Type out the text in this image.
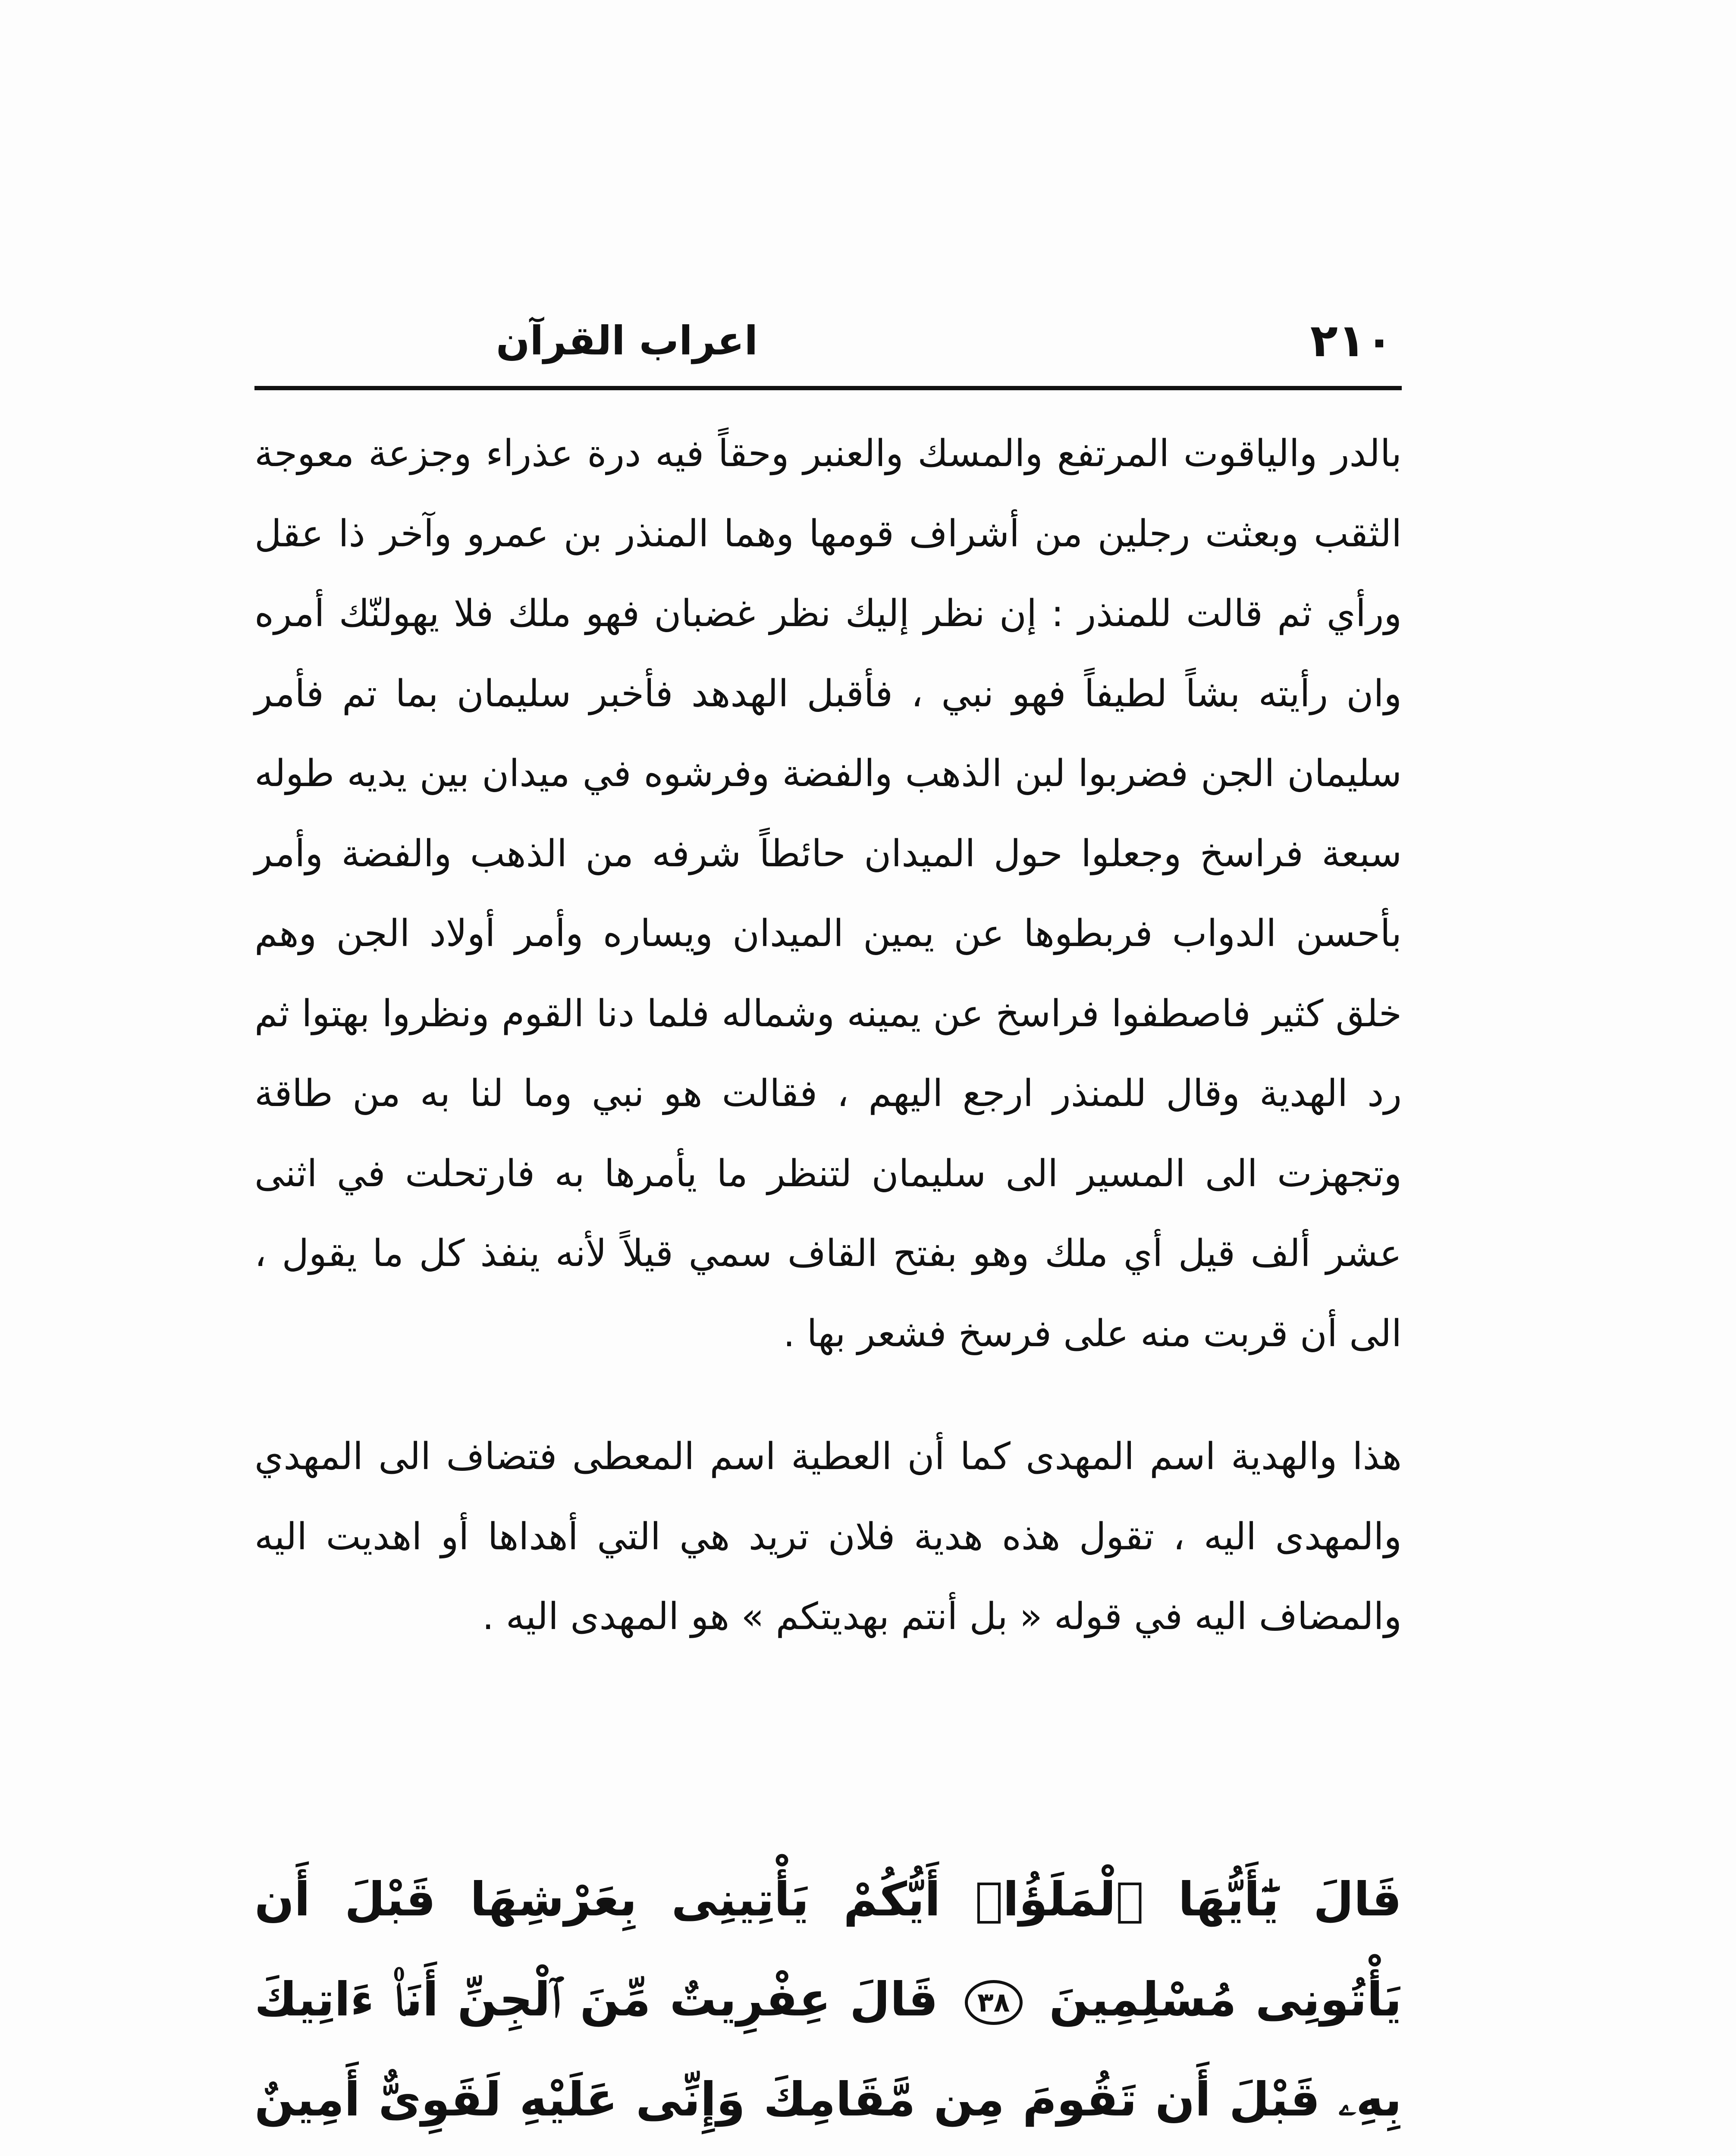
٢١٠
اعراب القرآن

بالدر والياقوت المرتفع والمسك والعنبر وحقاً فيه درة عذراء وجزعة معوجة الثقب وبعثت رجلين من أشراف قومها وهما المنذر بن عمرو وآخر ذا عقل ورأي ثم قالت للمنذر : إن نظر إليك نظر غضبان فهو ملك فلا يهولنّك أمره وان رأيته بشاً لطيفاً فهو نبي ، فأقبل الهدهد فأخبر سليمان بما تم فأمر سليمان الجن فضربوا لبن الذهب والفضة وفرشوه في ميدان بين يديه طوله سبعة فراسخ وجعلوا حول الميدان حائطاً شرفه من الذهب والفضة وأمر بأحسن الدواب فربطوها عن يمين الميدان ويساره وأمر أولاد الجن وهم خلق كثير فاصطفوا فراسخ عن يمينه وشماله فلما دنا القوم ونظروا بهتوا ثم رد الهدية وقال للمنذر ارجع اليهم ، فقالت هو نبي وما لنا به من طاقة وتجهزت الى المسير الى سليمان لتنظر ما يأمرها به فارتحلت في اثنى عشر ألف قيل أي ملك وهو بفتح القاف سمي قيلاً لأنه ينفذ كل ما يقول ، الى أن قربت منه على فرسخ فشعر بها .

هذا والهدية اسم المهدى كما أن العطية اسم المعطى فتضاف الى المهدي والمهدى اليه ، تقول هذه هدية فلان تريد هي التي أهداها أو اهديت اليه والمضاف اليه في قوله « بل أنتم بهديتكم » هو المهدى اليه .

قَالَ يَٰٓأَيُّهَا ٱلْمَلَؤُا۟ أَيُّكُمْ يَأْتِينِى بِعَرْشِهَا قَبْلَ أَن يَأْتُونِى مُسْلِمِينَ ٣٨ قَالَ عِفْرِيتٌ مِّنَ ٱلْجِنِّ أَنَا۠ ءَاتِيكَ بِهِۦ قَبْلَ أَن تَقُومَ مِن مَّقَامِكَ وَإِنِّى عَلَيْهِ لَقَوِىٌّ أَمِينٌ
